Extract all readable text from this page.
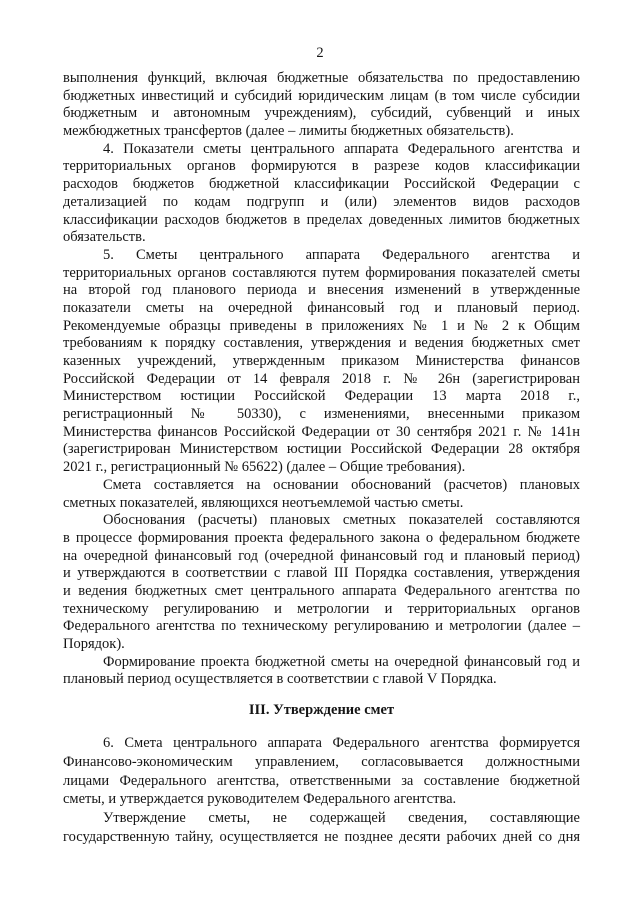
2
выполнения функций, включая бюджетные обязательства по предоставлению
бюджетных инвестиций и субсидий юридическим лицам (в том числе субсидии
бюджетным и автономным учреждениям), субсидий, субвенций и иных
межбюджетных трансфертов (далее – лимиты бюджетных обязательств).
4. Показатели сметы центрального аппарата Федерального агентства и
территориальных органов формируются в разрезе кодов классификации
расходов бюджетов бюджетной классификации Российской Федерации с
детализацией по кодам подгрупп и (или) элементов видов расходов
классификации расходов бюджетов в пределах доведенных лимитов бюджетных
обязательств.
5. Сметы центрального аппарата Федерального агентства и
территориальных органов составляются путем формирования показателей сметы
на второй год планового периода и внесения изменений в утвержденные
показатели сметы на очередной финансовый год и плановый период.
Рекомендуемые образцы приведены в приложениях № 1 и № 2 к Общим
требованиям к порядку составления, утверждения и ведения бюджетных смет
казенных учреждений, утвержденным приказом Министерства финансов
Российской Федерации от 14 февраля 2018 г. № 26н (зарегистрирован
Министерством юстиции Российской Федерации 13 марта 2018 г.,
регистрационный № 50330), с изменениями, внесенными приказом
Министерства финансов Российской Федерации от 30 сентября 2021 г. № 141н
(зарегистрирован Министерством юстиции Российской Федерации 28 октября
2021 г., регистрационный № 65622) (далее – Общие требования).
Смета составляется на основании обоснований (расчетов) плановых
сметных показателей, являющихся неотъемлемой частью сметы.
Обоснования (расчеты) плановых сметных показателей составляются
в процессе формирования проекта федерального закона о федеральном бюджете
на очередной финансовый год (очередной финансовый год и плановый период)
и утверждаются в соответствии с главой III Порядка составления, утверждения
и ведения бюджетных смет центрального аппарата Федерального агентства по
техническому регулированию и метрологии и территориальных органов
Федерального агентства по техническому регулированию и метрологии (далее –
Порядок).
Формирование проекта бюджетной сметы на очередной финансовый год и
плановый период осуществляется в соответствии с главой V Порядка.
III. Утверждение смет
6. Смета центрального аппарата Федерального агентства формируется
Финансово-экономическим управлением, согласовывается должностными
лицами Федерального агентства, ответственными за составление бюджетной
сметы, и утверждается руководителем Федерального агентства.
Утверждение сметы, не содержащей сведения, составляющие
государственную тайну, осуществляется не позднее десяти рабочих дней со дня
